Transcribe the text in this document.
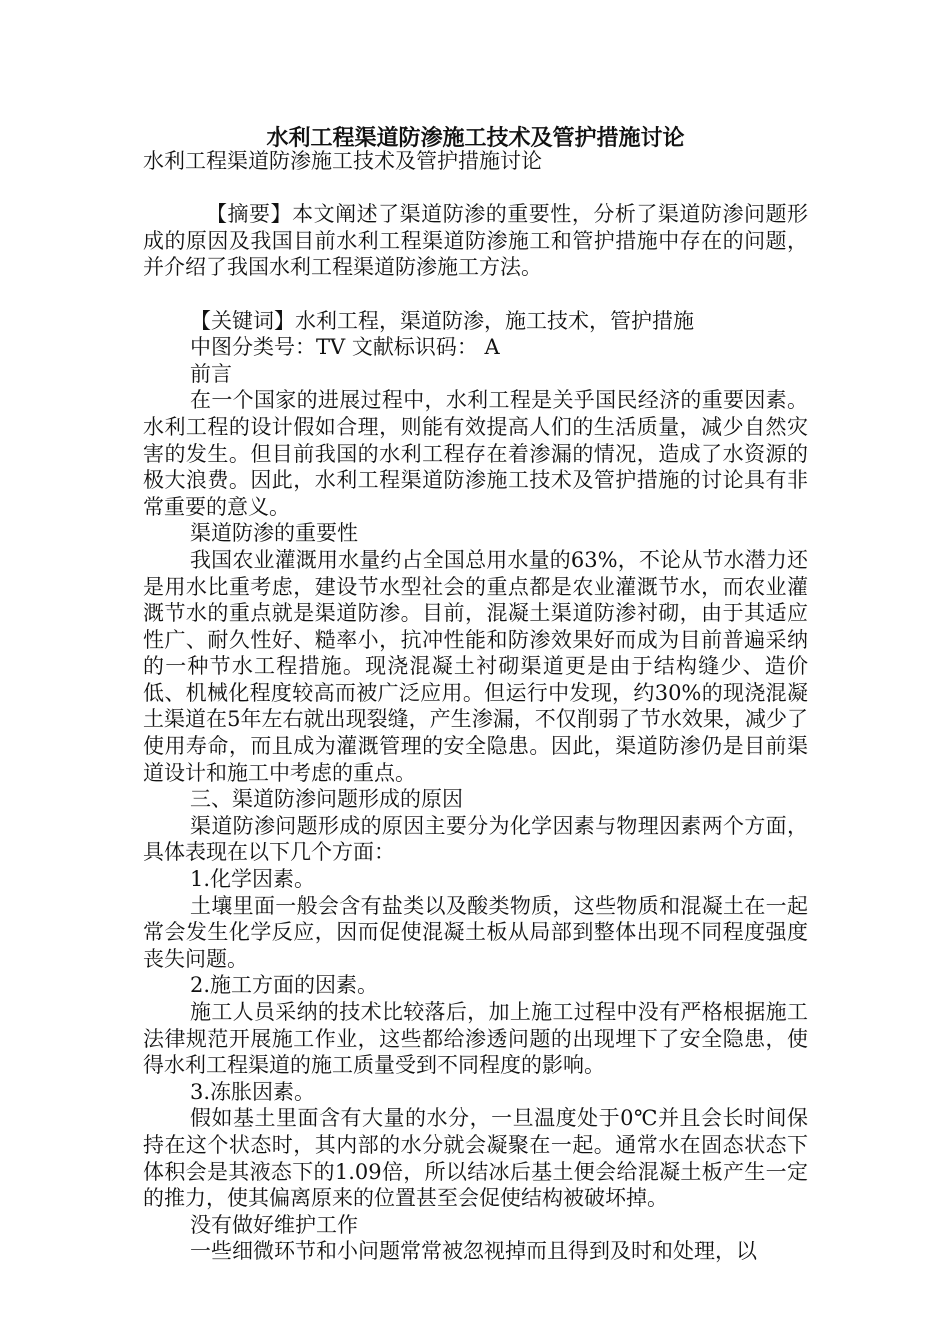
水利工程渠道防渗施工技术及管护措施讨论

水利工程渠道防渗施工技术及管护措施讨论

【摘要】本文阐述了渠道防渗的重要性，分析了渠道防渗问题形成的原因及我国目前水利工程渠道防渗施工和管护措施中存在的问题，并介绍了我国水利工程渠道防渗施工方法。

【关键词】水利工程，渠道防渗，施工技术，管护措施

中图分类号：TV 文献标识码： A

前言

在一个国家的进展过程中，水利工程是关乎国民经济的重要因素。水利工程的设计假如合理，则能有效提高人们的生活质量，减少自然灾害的发生。但目前我国的水利工程存在着渗漏的情况，造成了水资源的极大浪费。因此，水利工程渠道防渗施工技术及管护措施的讨论具有非常重要的意义。

渠道防渗的重要性

我国农业灌溉用水量约占全国总用水量的63%，不论从节水潜力还是用水比重考虑，建设节水型社会的重点都是农业灌溉节水，而农业灌溉节水的重点就是渠道防渗。目前，混凝土渠道防渗衬砌，由于其适应性广、耐久性好、糙率小，抗冲性能和防渗效果好而成为目前普遍采纳的一种节水工程措施。现浇混凝土衬砌渠道更是由于结构缝少、造价低、机械化程度较高而被广泛应用。但运行中发现，约30%的现浇混凝土渠道在5年左右就出现裂缝，产生渗漏，不仅削弱了节水效果，减少了使用寿命，而且成为灌溉管理的安全隐患。因此，渠道防渗仍是目前渠道设计和施工中考虑的重点。

三、渠道防渗问题形成的原因

渠道防渗问题形成的原因主要分为化学因素与物理因素两个方面，具体表现在以下几个方面：

1.化学因素。

土壤里面一般会含有盐类以及酸类物质，这些物质和混凝土在一起常会发生化学反应，因而促使混凝土板从局部到整体出现不同程度强度丧失问题。

2.施工方面的因素。

施工人员采纳的技术比较落后，加上施工过程中没有严格根据施工法律规范开展施工作业，这些都给渗透问题的出现埋下了安全隐患，使得水利工程渠道的施工质量受到不同程度的影响。

3.冻胀因素。

假如基土里面含有大量的水分，一旦温度处于0℃并且会长时间保持在这个状态时，其内部的水分就会凝聚在一起。通常水在固态状态下体积会是其液态下的1.09倍，所以结冰后基土便会给混凝土板产生一定的推力，使其偏离原来的位置甚至会促使结构被破坏掉。

没有做好维护工作

一些细微环节和小问题常常被忽视掉而且得到及时和处理，以
